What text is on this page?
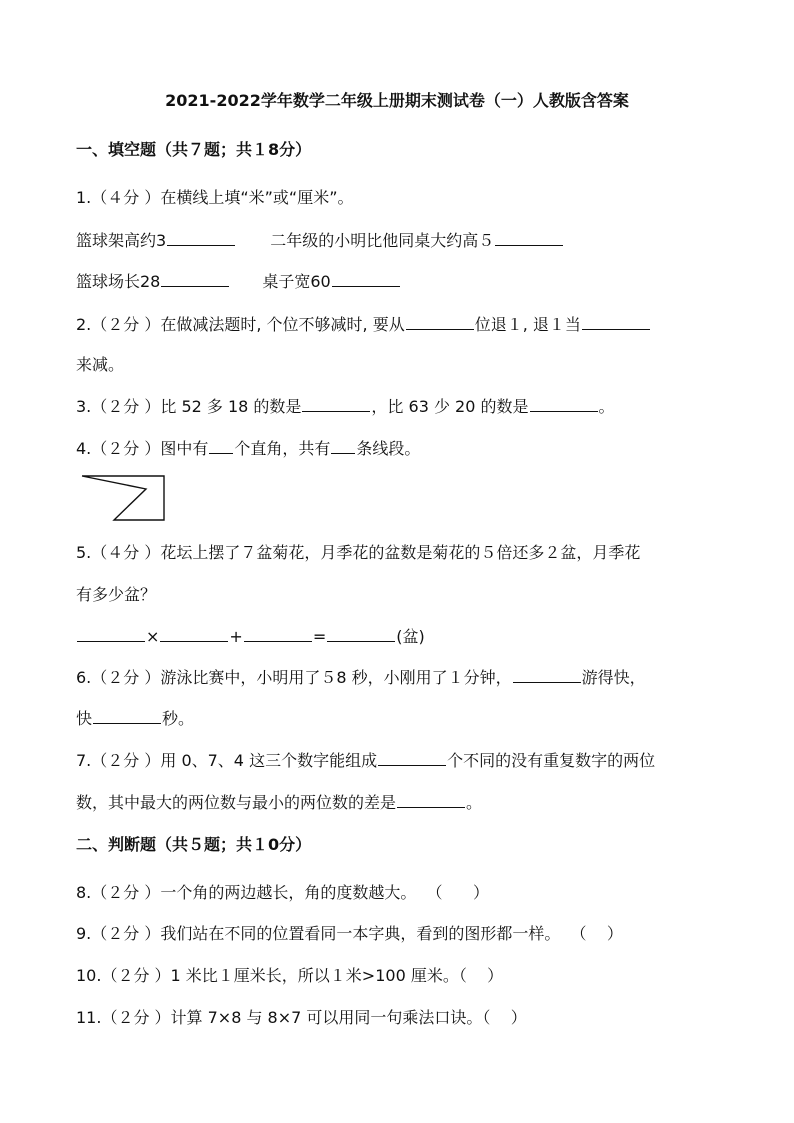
2021-2022学年数学二年级上册期末测试卷（一）人教版含答案
一、填空题（共７题；共１8分）
1.（４分 ）在横线上填“米”或“厘米”。
篮球架高约3	二年级的小明比他同桌大约高５
篮球场长28	桌子宽60
2.（２分 ）在做减法题时, 个位不够减时, 要从	位退１, 退１当
来减。
3.（２分 ）比 52 多 18 的数是	，比 63 少 20 的数是	。
4.（２分 ）图中有 个直角，共有 条线段。
5.（４分 ）花坛上摆了７盆菊花，月季花的盆数是菊花的５倍还多２盆，月季花
有多少盆？
×	+	=	(盆)
6.（２分 ）游泳比赛中，小明用了５8 秒，小刚用了１分钟，	游得快，
快	秒。
7.（２分 ）用 0、7、4 这三个数字能组成	个不同的没有重复数字的两位
数，其中最大的两位数与最小的两位数的差是	。
二、判断题（共５题；共１0分）
8.（２分 ）一个角的两边越长，角的度数越大。  （      ）
9.（２分 ）我们站在不同的位置看同一本字典，看到的图形都一样。  （    ）
10.（２分 ）1 米比１厘米长，所以１米>100 厘米。（    ）
11.（２分 ）计算 7×8 与 8×7 可以用同一句乘法口诀。（    ）
